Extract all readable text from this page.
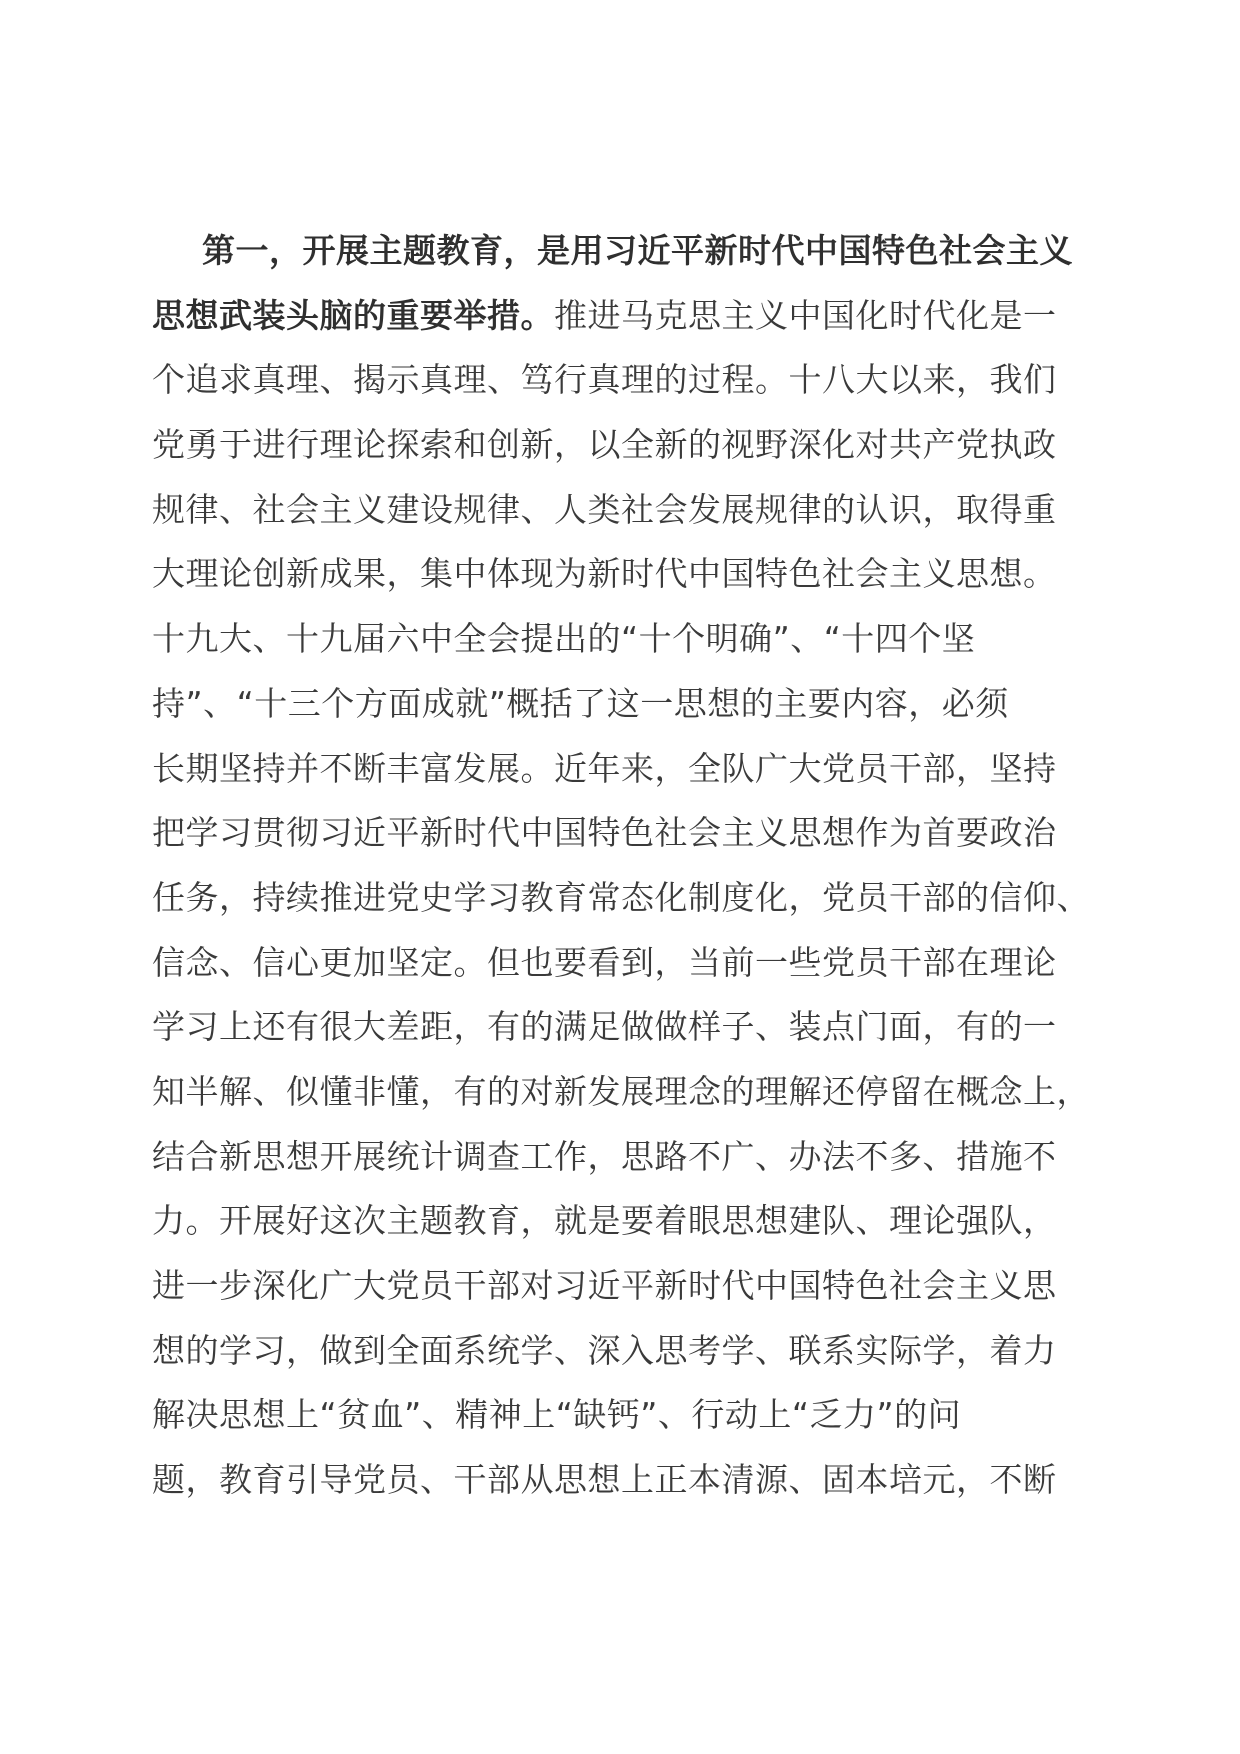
第一，开展主题教育，是用习近平新时代中国特色社会主义
思想武装头脑的重要举措。推进马克思主义中国化时代化是一
个追求真理、揭示真理、笃行真理的过程。十八大以来，我们
党勇于进行理论探索和创新，以全新的视野深化对共产党执政
规律、社会主义建设规律、人类社会发展规律的认识，取得重
大理论创新成果，集中体现为新时代中国特色社会主义思想。
十九大、十九届六中全会提出的“十个明确”、“十四个坚
持”、“十三个方面成就”概括了这一思想的主要内容，必须
长期坚持并不断丰富发展。近年来，全队广大党员干部，坚持
把学习贯彻习近平新时代中国特色社会主义思想作为首要政治
任务，持续推进党史学习教育常态化制度化，党员干部的信仰、
信念、信心更加坚定。但也要看到，当前一些党员干部在理论
学习上还有很大差距，有的满足做做样子、装点门面，有的一
知半解、似懂非懂，有的对新发展理念的理解还停留在概念上，
结合新思想开展统计调查工作，思路不广、办法不多、措施不
力。开展好这次主题教育，就是要着眼思想建队、理论强队，
进一步深化广大党员干部对习近平新时代中国特色社会主义思
想的学习，做到全面系统学、深入思考学、联系实际学，着力
解决思想上“贫血”、精神上“缺钙”、行动上“乏力”的问
题，教育引导党员、干部从思想上正本清源、固本培元，不断
